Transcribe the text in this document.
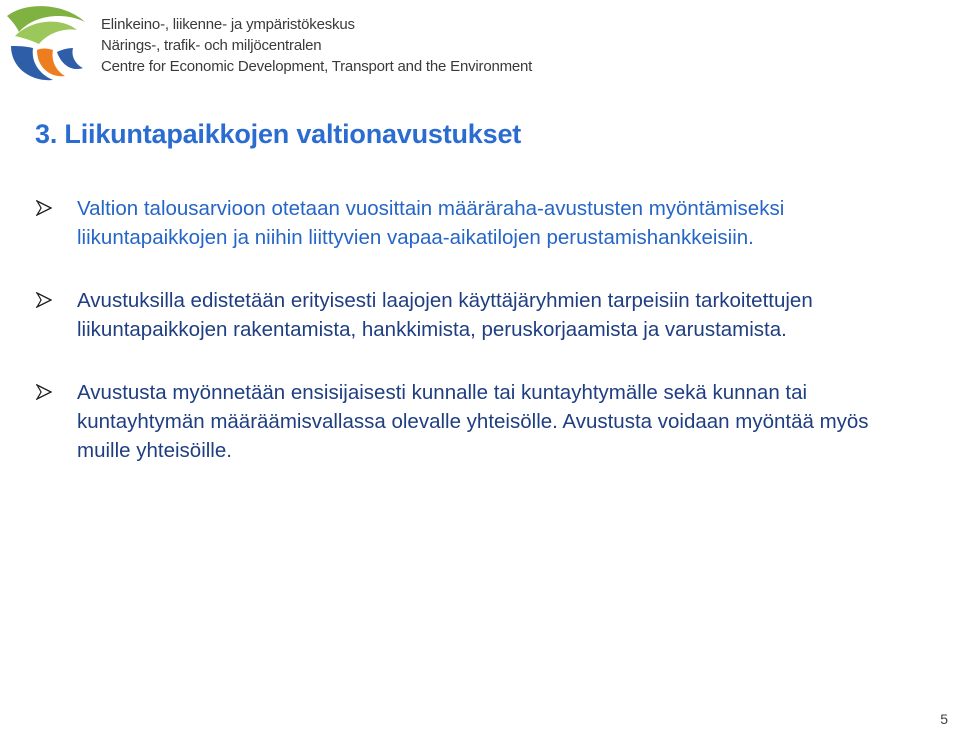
Elinkeino-, liikenne- ja ympäristökeskus
Närings-, trafik- och miljöcentralen
Centre for Economic Development, Transport and the Environment
3. Liikuntapaikkojen valtionavustukset
Valtion talousarvioon otetaan vuosittain määräraha-avustusten myöntämiseksi liikuntapaikkojen ja niihin liittyvien vapaa-aikatilojen perustamishankkeisiin.
Avustuksilla edistetään erityisesti laajojen käyttäjäryhmien tarpeisiin tarkoitettujen liikuntapaikkojen rakentamista, hankkimista, peruskorjaamista ja varustamista.
Avustusta myönnetään ensisijaisesti kunnalle tai kuntayhtymälle sekä kunnan tai kuntayhtymän määräämisvallassa olevalle yhteisölle. Avustusta voidaan myöntää myös muille yhteisöille.
5
